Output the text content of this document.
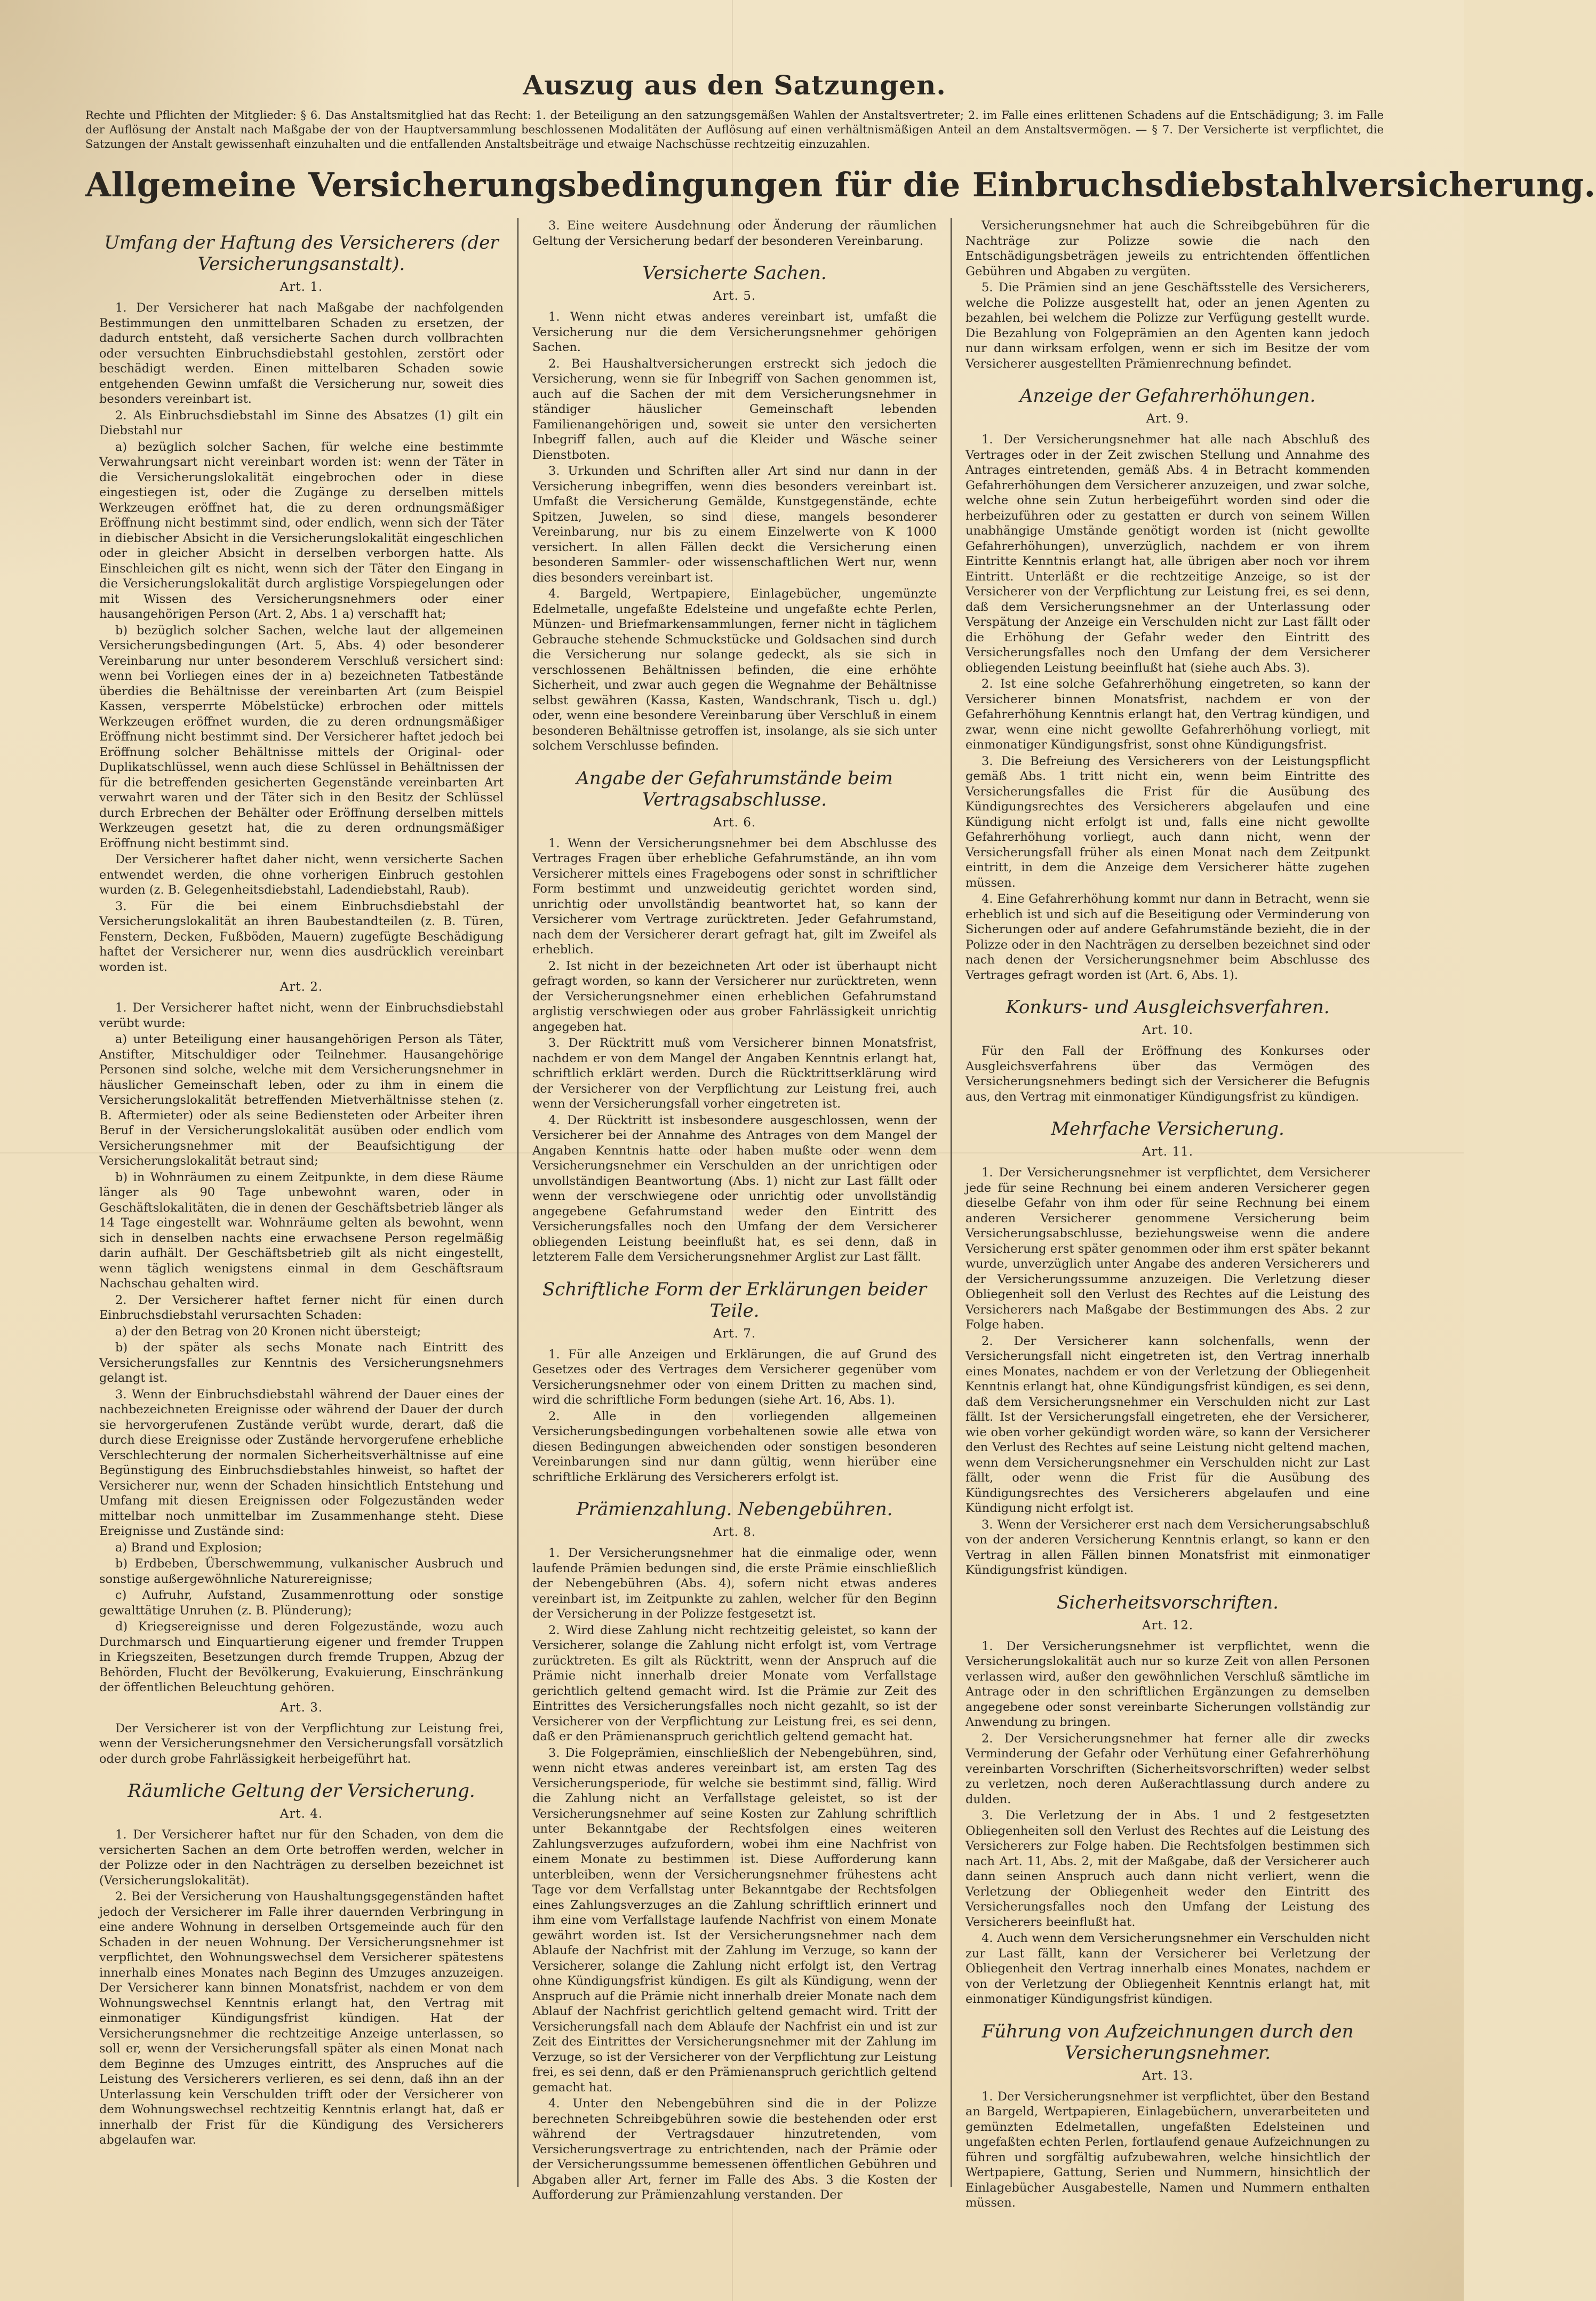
Auszug aus den Satzungen.
Rechte und Pflichten der Mitglieder: § 6. Das Anstaltsmitglied hat das Recht: 1. der Beteiligung an den satzungsgemäßen Wahlen der Anstaltsvertreter; 2. im Falle eines erlittenen Schadens auf die Entschädigung; 3. im Falle der Auflösung der Anstalt nach Maßgabe der von der Hauptversammlung beschlossenen Modalitäten der Auflösung auf einen verhältnismäßigen Anteil an dem Anstaltsvermögen. — § 7. Der Versicherte ist verpflichtet, die Satzungen der Anstalt gewissenhaft einzuhalten und die entfallenden Anstaltsbeiträge und etwaige Nachschüsse rechtzeitig einzuzahlen.
Allgemeine Versicherungsbedingungen für die Einbruchsdiebstahlversicherung.
Umfang der Haftung des Versicherers (der Versicherungsanstalt).
Art. 1.
1. Der Versicherer hat nach Maßgabe der nachfolgenden Bestimmungen den unmittelbaren Schaden zu ersetzen, der dadurch entsteht, daß versicherte Sachen durch vollbrachten oder versuchten Einbruchsdiebstahl gestohlen, zerstört oder beschädigt werden. Einen mittelbaren Schaden sowie entgehenden Gewinn umfaßt die Versicherung nur, soweit dies besonders vereinbart ist.
2. Als Einbruchsdiebstahl im Sinne des Absatzes (1) gilt ein Diebstahl nur
a) bezüglich solcher Sachen, für welche eine bestimmte Verwahrungsart nicht vereinbart worden ist: wenn der Täter in die Versicherungslokalität eingebrochen oder in diese eingestiegen ist, oder die Zugänge zu derselben mittels Werkzeugen eröffnet hat, die zu deren ordnungsmäßiger Eröffnung nicht bestimmt sind, oder endlich, wenn sich der Täter in diebischer Absicht in die Versicherungslokalität eingeschlichen oder in gleicher Absicht in derselben verborgen hatte. Als Einschleichen gilt es nicht, wenn sich der Täter den Eingang in die Versicherungslokalität durch arglistige Vorspiegelungen oder mit Wissen des Versicherungsnehmers oder einer hausangehörigen Person (Art. 2, Abs. 1 a) verschafft hat;
b) bezüglich solcher Sachen, welche laut der allgemeinen Versicherungsbedingungen (Art. 5, Abs. 4) oder besonderer Vereinbarung nur unter besonderem Verschluß versichert sind: wenn bei Vorliegen eines der in a) bezeichneten Tatbestände überdies die Behältnisse der vereinbarten Art (zum Beispiel Kassen, versperrte Möbelstücke) erbrochen oder mittels Werkzeugen eröffnet wurden, die zu deren ordnungsmäßiger Eröffnung nicht bestimmt sind. Der Versicherer haftet jedoch bei Eröffnung solcher Behältnisse mittels der Original- oder Duplikatschlüssel, wenn auch diese Schlüssel in Behältnissen der für die betreffenden gesicherten Gegenstände vereinbarten Art verwahrt waren und der Täter sich in den Besitz der Schlüssel durch Erbrechen der Behälter oder Eröffnung derselben mittels Werkzeugen gesetzt hat, die zu deren ordnungsmäßiger Eröffnung nicht bestimmt sind.
Der Versicherer haftet daher nicht, wenn versicherte Sachen entwendet werden, die ohne vorherigen Einbruch gestohlen wurden (z. B. Gelegenheitsdiebstahl, Ladendiebstahl, Raub).
3. Für die bei einem Einbruchsdiebstahl der Versicherungslokalität an ihren Baubestandteilen (z. B. Türen, Fenstern, Decken, Fußböden, Mauern) zugefügte Beschädigung haftet der Versicherer nur, wenn dies ausdrücklich vereinbart worden ist.
Art. 2.
1. Der Versicherer haftet nicht, wenn der Einbruchsdiebstahl verübt wurde:
a) unter Beteiligung einer hausangehörigen Person als Täter, Anstifter, Mitschuldiger oder Teilnehmer. Hausangehörige Personen sind solche, welche mit dem Versicherungsnehmer in häuslicher Gemeinschaft leben, oder zu ihm in einem die Versicherungslokalität betreffenden Mietverhältnisse stehen (z. B. Aftermieter) oder als seine Bediensteten oder Arbeiter ihren Beruf in der Versicherungslokalität ausüben oder endlich vom Versicherungsnehmer mit der Beaufsichtigung der Versicherungslokalität betraut sind;
b) in Wohnräumen zu einem Zeitpunkte, in dem diese Räume länger als 90 Tage unbewohnt waren, oder in Geschäftslokalitäten, die in denen der Geschäftsbetrieb länger als 14 Tage eingestellt war. Wohnräume gelten als bewohnt, wenn sich in denselben nachts eine erwachsene Person regelmäßig darin aufhält. Der Geschäftsbetrieb gilt als nicht eingestellt, wenn täglich wenigstens einmal in dem Geschäftsraum Nachschau gehalten wird.
2. Der Versicherer haftet ferner nicht für einen durch Einbruchsdiebstahl verursachten Schaden:
a) der den Betrag von 20 Kronen nicht übersteigt;
b) der später als sechs Monate nach Eintritt des Versicherungsfalles zur Kenntnis des Versicherungsnehmers gelangt ist.
3. Wenn der Einbruchsdiebstahl während der Dauer eines der nachbezeichneten Ereignisse oder während der Dauer der durch sie hervorgerufenen Zustände verübt wurde, derart, daß die durch diese Ereignisse oder Zustände hervorgerufene erhebliche Verschlechterung der normalen Sicherheitsverhältnisse auf eine Begünstigung des Einbruchsdiebstahles hinweist, so haftet der Versicherer nur, wenn der Schaden hinsichtlich Entstehung und Umfang mit diesen Ereignissen oder Folgezuständen weder mittelbar noch unmittelbar im Zusammenhange steht. Diese Ereignisse und Zustände sind:
a) Brand und Explosion;
b) Erdbeben, Überschwemmung, vulkanischer Ausbruch und sonstige außergewöhnliche Naturereignisse;
c) Aufruhr, Aufstand, Zusammenrottung oder sonstige gewalttätige Unruhen (z. B. Plünderung);
d) Kriegsereignisse und deren Folgezustände, wozu auch Durchmarsch und Einquartierung eigener und fremder Truppen in Kriegszeiten, Besetzungen durch fremde Truppen, Abzug der Behörden, Flucht der Bevölkerung, Evakuierung, Einschränkung der öffentlichen Beleuchtung gehören.
Art. 3.
Der Versicherer ist von der Verpflichtung zur Leistung frei, wenn der Versicherungsnehmer den Versicherungsfall vorsätzlich oder durch grobe Fahrlässigkeit herbeigeführt hat.
Räumliche Geltung der Versicherung.
Art. 4.
1. Der Versicherer haftet nur für den Schaden, von dem die versicherten Sachen an dem Orte betroffen werden, welcher in der Polizze oder in den Nachträgen zu derselben bezeichnet ist (Versicherungslokalität).
2. Bei der Versicherung von Haushaltungsgegenständen haftet jedoch der Versicherer im Falle ihrer dauernden Verbringung in eine andere Wohnung in derselben Ortsgemeinde auch für den Schaden in der neuen Wohnung. Der Versicherungsnehmer ist verpflichtet, den Wohnungswechsel dem Versicherer spätestens innerhalb eines Monates nach Beginn des Umzuges anzuzeigen. Der Versicherer kann binnen Monatsfrist, nachdem er von dem Wohnungswechsel Kenntnis erlangt hat, den Vertrag mit einmonatiger Kündigungsfrist kündigen. Hat der Versicherungsnehmer die rechtzeitige Anzeige unterlassen, so soll er, wenn der Versicherungsfall später als einen Monat nach dem Beginne des Umzuges eintritt, des Anspruches auf die Leistung des Versicherers verlieren, es sei denn, daß ihn an der Unterlassung kein Verschulden trifft oder der Versicherer von dem Wohnungswechsel rechtzeitig Kenntnis erlangt hat, daß er innerhalb der Frist für die Kündigung des Versicherers abgelaufen war.
3. Eine weitere Ausdehnung oder Änderung der räumlichen Geltung der Versicherung bedarf der besonderen Vereinbarung.
Versicherte Sachen.
Art. 5.
1. Wenn nicht etwas anderes vereinbart ist, umfaßt die Versicherung nur die dem Versicherungsnehmer gehörigen Sachen.
2. Bei Haushaltversicherungen erstreckt sich jedoch die Versicherung, wenn sie für Inbegriff von Sachen genommen ist, auch auf die Sachen der mit dem Versicherungsnehmer in ständiger häuslicher Gemeinschaft lebenden Familienangehörigen und, soweit sie unter den versicherten Inbegriff fallen, auch auf die Kleider und Wäsche seiner Dienstboten.
3. Urkunden und Schriften aller Art sind nur dann in der Versicherung inbegriffen, wenn dies besonders vereinbart ist. Umfaßt die Versicherung Gemälde, Kunstgegenstände, echte Spitzen, Juwelen, so sind diese, mangels besonderer Vereinbarung, nur bis zu einem Einzelwerte von K 1000 versichert. In allen Fällen deckt die Versicherung einen besonderen Sammler- oder wissenschaftlichen Wert nur, wenn dies besonders vereinbart ist.
4. Bargeld, Wertpapiere, Einlagebücher, ungemünzte Edelmetalle, ungefaßte Edelsteine und ungefaßte echte Perlen, Münzen- und Briefmarkensammlungen, ferner nicht in täglichem Gebrauche stehende Schmuckstücke und Goldsachen sind durch die Versicherung nur solange gedeckt, als sie sich in verschlossenen Behältnissen befinden, die eine erhöhte Sicherheit, und zwar auch gegen die Wegnahme der Behältnisse selbst gewähren (Kassa, Kasten, Wandschrank, Tisch u. dgl.) oder, wenn eine besondere Vereinbarung über Verschluß in einem besonderen Behältnisse getroffen ist, insolange, als sie sich unter solchem Verschlusse befinden.
Angabe der Gefahrumstände beim Vertragsabschlusse.
Art. 6.
1. Wenn der Versicherungsnehmer bei dem Abschlusse des Vertrages Fragen über erhebliche Gefahrumstände, an ihn vom Versicherer mittels eines Fragebogens oder sonst in schriftlicher Form bestimmt und unzweideutig gerichtet worden sind, unrichtig oder unvollständig beantwortet hat, so kann der Versicherer vom Vertrage zurücktreten. Jeder Gefahrumstand, nach dem der Versicherer derart gefragt hat, gilt im Zweifel als erheblich.
2. Ist nicht in der bezeichneten Art oder ist überhaupt nicht gefragt worden, so kann der Versicherer nur zurücktreten, wenn der Versicherungsnehmer einen erheblichen Gefahrumstand arglistig verschwiegen oder aus grober Fahrlässigkeit unrichtig angegeben hat.
3. Der Rücktritt muß vom Versicherer binnen Monatsfrist, nachdem er von dem Mangel der Angaben Kenntnis erlangt hat, schriftlich erklärt werden. Durch die Rücktrittserklärung wird der Versicherer von der Verpflichtung zur Leistung frei, auch wenn der Versicherungsfall vorher eingetreten ist.
4. Der Rücktritt ist insbesondere ausgeschlossen, wenn der Versicherer bei der Annahme des Antrages von dem Mangel der Angaben Kenntnis hatte oder haben mußte oder wenn dem Versicherungsnehmer ein Verschulden an der unrichtigen oder unvollständigen Beantwortung (Abs. 1) nicht zur Last fällt oder wenn der verschwiegene oder unrichtig oder unvollständig angegebene Gefahrumstand weder den Eintritt des Versicherungsfalles noch den Umfang der dem Versicherer obliegenden Leistung beeinflußt hat, es sei denn, daß in letzterem Falle dem Versicherungsnehmer Arglist zur Last fällt.
Schriftliche Form der Erklärungen beider Teile.
Art. 7.
1. Für alle Anzeigen und Erklärungen, die auf Grund des Gesetzes oder des Vertrages dem Versicherer gegenüber vom Versicherungsnehmer oder von einem Dritten zu machen sind, wird die schriftliche Form bedungen (siehe Art. 16, Abs. 1).
2. Alle in den vorliegenden allgemeinen Versicherungsbedingungen vorbehaltenen sowie alle etwa von diesen Bedingungen abweichenden oder sonstigen besonderen Vereinbarungen sind nur dann gültig, wenn hierüber eine schriftliche Erklärung des Versicherers erfolgt ist.
Prämienzahlung. Nebengebühren.
Art. 8.
1. Der Versicherungsnehmer hat die einmalige oder, wenn laufende Prämien bedungen sind, die erste Prämie einschließlich der Nebengebühren (Abs. 4), sofern nicht etwas anderes vereinbart ist, im Zeitpunkte zu zahlen, welcher für den Beginn der Versicherung in der Polizze festgesetzt ist.
2. Wird diese Zahlung nicht rechtzeitig geleistet, so kann der Versicherer, solange die Zahlung nicht erfolgt ist, vom Vertrage zurücktreten. Es gilt als Rücktritt, wenn der Anspruch auf die Prämie nicht innerhalb dreier Monate vom Verfallstage gerichtlich geltend gemacht wird. Ist die Prämie zur Zeit des Eintrittes des Versicherungsfalles noch nicht gezahlt, so ist der Versicherer von der Verpflichtung zur Leistung frei, es sei denn, daß er den Prämienanspruch gerichtlich geltend gemacht hat.
3. Die Folgeprämien, einschließlich der Nebengebühren, sind, wenn nicht etwas anderes vereinbart ist, am ersten Tag des Versicherungsperiode, für welche sie bestimmt sind, fällig. Wird die Zahlung nicht an Verfallstage geleistet, so ist der Versicherungsnehmer auf seine Kosten zur Zahlung schriftlich unter Bekanntgabe der Rechtsfolgen eines weiteren Zahlungsverzuges aufzufordern, wobei ihm eine Nachfrist von einem Monate zu bestimmen ist. Diese Aufforderung kann unterbleiben, wenn der Versicherungsnehmer frühestens acht Tage vor dem Verfallstag unter Bekanntgabe der Rechtsfolgen eines Zahlungsverzuges an die Zahlung schriftlich erinnert und ihm eine vom Verfallstage laufende Nachfrist von einem Monate gewährt worden ist. Ist der Versicherungsnehmer nach dem Ablaufe der Nachfrist mit der Zahlung im Verzuge, so kann der Versicherer, solange die Zahlung nicht erfolgt ist, den Vertrag ohne Kündigungsfrist kündigen. Es gilt als Kündigung, wenn der Anspruch auf die Prämie nicht innerhalb dreier Monate nach dem Ablauf der Nachfrist gerichtlich geltend gemacht wird. Tritt der Versicherungsfall nach dem Ablaufe der Nachfrist ein und ist zur Zeit des Eintrittes der Versicherungsnehmer mit der Zahlung im Verzuge, so ist der Versicherer von der Verpflichtung zur Leistung frei, es sei denn, daß er den Prämienanspruch gerichtlich geltend gemacht hat.
4. Unter den Nebengebühren sind die in der Polizze berechneten Schreibgebühren sowie die bestehenden oder erst während der Vertragsdauer hinzutretenden, vom Versicherungsvertrage zu entrichtenden, nach der Prämie oder der Versicherungssumme bemessenen öffentlichen Gebühren und Abgaben aller Art, ferner im Falle des Abs. 3 die Kosten der Aufforderung zur Prämienzahlung verstanden. Der
Versicherungsnehmer hat auch die Schreibgebühren für die Nachträge zur Polizze sowie die nach den Entschädigungsbeträgen jeweils zu entrichtenden öffentlichen Gebühren und Abgaben zu vergüten.
5. Die Prämien sind an jene Geschäftsstelle des Versicherers, welche die Polizze ausgestellt hat, oder an jenen Agenten zu bezahlen, bei welchem die Polizze zur Verfügung gestellt wurde. Die Bezahlung von Folgeprämien an den Agenten kann jedoch nur dann wirksam erfolgen, wenn er sich im Besitze der vom Versicherer ausgestellten Prämienrechnung befindet.
Anzeige der Gefahrerhöhungen.
Art. 9.
1. Der Versicherungsnehmer hat alle nach Abschluß des Vertrages oder in der Zeit zwischen Stellung und Annahme des Antrages eintretenden, gemäß Abs. 4 in Betracht kommenden Gefahrerhöhungen dem Versicherer anzuzeigen, und zwar solche, welche ohne sein Zutun herbeigeführt worden sind oder die herbeizuführen oder zu gestatten er durch von seinem Willen unabhängige Umstände genötigt worden ist (nicht gewollte Gefahrerhöhungen), unverzüglich, nachdem er von ihrem Eintritte Kenntnis erlangt hat, alle übrigen aber noch vor ihrem Eintritt. Unterläßt er die rechtzeitige Anzeige, so ist der Versicherer von der Verpflichtung zur Leistung frei, es sei denn, daß dem Versicherungsnehmer an der Unterlassung oder Verspätung der Anzeige ein Verschulden nicht zur Last fällt oder die Erhöhung der Gefahr weder den Eintritt des Versicherungsfalles noch den Umfang der dem Versicherer obliegenden Leistung beeinflußt hat (siehe auch Abs. 3).
2. Ist eine solche Gefahrerhöhung eingetreten, so kann der Versicherer binnen Monatsfrist, nachdem er von der Gefahrerhöhung Kenntnis erlangt hat, den Vertrag kündigen, und zwar, wenn eine nicht gewollte Gefahrerhöhung vorliegt, mit einmonatiger Kündigungsfrist, sonst ohne Kündigungsfrist.
3. Die Befreiung des Versicherers von der Leistungspflicht gemäß Abs. 1 tritt nicht ein, wenn beim Eintritte des Versicherungsfalles die Frist für die Ausübung des Kündigungsrechtes des Versicherers abgelaufen und eine Kündigung nicht erfolgt ist und, falls eine nicht gewollte Gefahrerhöhung vorliegt, auch dann nicht, wenn der Versicherungsfall früher als einen Monat nach dem Zeitpunkt eintritt, in dem die Anzeige dem Versicherer hätte zugehen müssen.
4. Eine Gefahrerhöhung kommt nur dann in Betracht, wenn sie erheblich ist und sich auf die Beseitigung oder Verminderung von Sicherungen oder auf andere Gefahrumstände bezieht, die in der Polizze oder in den Nachträgen zu derselben bezeichnet sind oder nach denen der Versicherungsnehmer beim Abschlusse des Vertrages gefragt worden ist (Art. 6, Abs. 1).
Konkurs- und Ausgleichsverfahren.
Art. 10.
Für den Fall der Eröffnung des Konkurses oder Ausgleichsverfahrens über das Vermögen des Versicherungsnehmers bedingt sich der Versicherer die Befugnis aus, den Vertrag mit einmonatiger Kündigungsfrist zu kündigen.
Mehrfache Versicherung.
Art. 11.
1. Der Versicherungsnehmer ist verpflichtet, dem Versicherer jede für seine Rechnung bei einem anderen Versicherer gegen dieselbe Gefahr von ihm oder für seine Rechnung bei einem anderen Versicherer genommene Versicherung beim Versicherungsabschlusse, beziehungsweise wenn die andere Versicherung erst später genommen oder ihm erst später bekannt wurde, unverzüglich unter Angabe des anderen Versicherers und der Versicherungssumme anzuzeigen. Die Verletzung dieser Obliegenheit soll den Verlust des Rechtes auf die Leistung des Versicherers nach Maßgabe der Bestimmungen des Abs. 2 zur Folge haben.
2. Der Versicherer kann solchenfalls, wenn der Versicherungsfall nicht eingetreten ist, den Vertrag innerhalb eines Monates, nachdem er von der Verletzung der Obliegenheit Kenntnis erlangt hat, ohne Kündigungsfrist kündigen, es sei denn, daß dem Versicherungsnehmer ein Verschulden nicht zur Last fällt. Ist der Versicherungsfall eingetreten, ehe der Versicherer, wie oben vorher gekündigt worden wäre, so kann der Versicherer den Verlust des Rechtes auf seine Leistung nicht geltend machen, wenn dem Versicherungsnehmer ein Verschulden nicht zur Last fällt, oder wenn die Frist für die Ausübung des Kündigungsrechtes des Versicherers abgelaufen und eine Kündigung nicht erfolgt ist.
3. Wenn der Versicherer erst nach dem Versicherungsabschluß von der anderen Versicherung Kenntnis erlangt, so kann er den Vertrag in allen Fällen binnen Monatsfrist mit einmonatiger Kündigungsfrist kündigen.
Sicherheitsvorschriften.
Art. 12.
1. Der Versicherungsnehmer ist verpflichtet, wenn die Versicherungslokalität auch nur so kurze Zeit von allen Personen verlassen wird, außer den gewöhnlichen Verschluß sämtliche im Antrage oder in den schriftlichen Ergänzungen zu demselben angegebene oder sonst vereinbarte Sicherungen vollständig zur Anwendung zu bringen.
2. Der Versicherungsnehmer hat ferner alle dir zwecks Verminderung der Gefahr oder Verhütung einer Gefahrerhöhung vereinbarten Vorschriften (Sicherheitsvorschriften) weder selbst zu verletzen, noch deren Außerachtlassung durch andere zu dulden.
3. Die Verletzung der in Abs. 1 und 2 festgesetzten Obliegenheiten soll den Verlust des Rechtes auf die Leistung des Versicherers zur Folge haben. Die Rechtsfolgen bestimmen sich nach Art. 11, Abs. 2, mit der Maßgabe, daß der Versicherer auch dann seinen Anspruch auch dann nicht verliert, wenn die Verletzung der Obliegenheit weder den Eintritt des Versicherungsfalles noch den Umfang der Leistung des Versicherers beeinflußt hat.
4. Auch wenn dem Versicherungsnehmer ein Verschulden nicht zur Last fällt, kann der Versicherer bei Verletzung der Obliegenheit den Vertrag innerhalb eines Monates, nachdem er von der Verletzung der Obliegenheit Kenntnis erlangt hat, mit einmonatiger Kündigungsfrist kündigen.
Führung von Aufzeichnungen durch den Versicherungsnehmer.
Art. 13.
1. Der Versicherungsnehmer ist verpflichtet, über den Bestand an Bargeld, Wertpapieren, Einlagebüchern, unverarbeiteten und gemünzten Edelmetallen, ungefaßten Edelsteinen und ungefaßten echten Perlen, fortlaufend genaue Aufzeichnungen zu führen und sorgfältig aufzubewahren, welche hinsichtlich der Wertpapiere, Gattung, Serien und Nummern, hinsichtlich der Einlagebücher Ausgabestelle, Namen und Nummern enthalten müssen.
